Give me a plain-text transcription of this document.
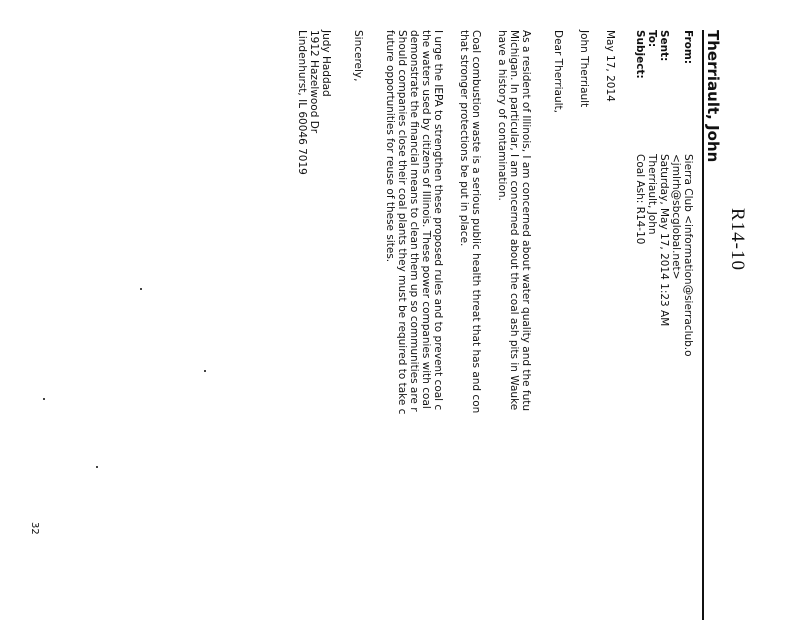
R14-10
Therriault, John
From:
Sierra Club <information@sierraclub.o
<jmlrh@sbcglobal.net>
Sent:
Saturday, May 17, 2014 1:23 AM
To:
Therriault, John
Subject:
Coal Ash: R14-10
May 17, 2014
John Therriault
Dear Therriault,
As a resident of Illinois, I am concerned about water quality and the futu
Michigan. In particular, I am concerned about the coal ash pits in Wauke
have a history of contamination.
Coal combustion waste is a serious public health threat that has and con
that stronger protections be put in place.
I urge the IEPA to strengthen these proposed rules and to prevent coal c
the waters used by citizens of Illinois. These power companies with coal
demonstrate the financial means to clean them up so communities are r
Should companies close their coal plants they must be required to take c
future opportunities for reuse of these sites.
Sincerely,
Judy Haddad
1912 Hazelwood Dr
Lindenhurst, IL 60046 7019
32
